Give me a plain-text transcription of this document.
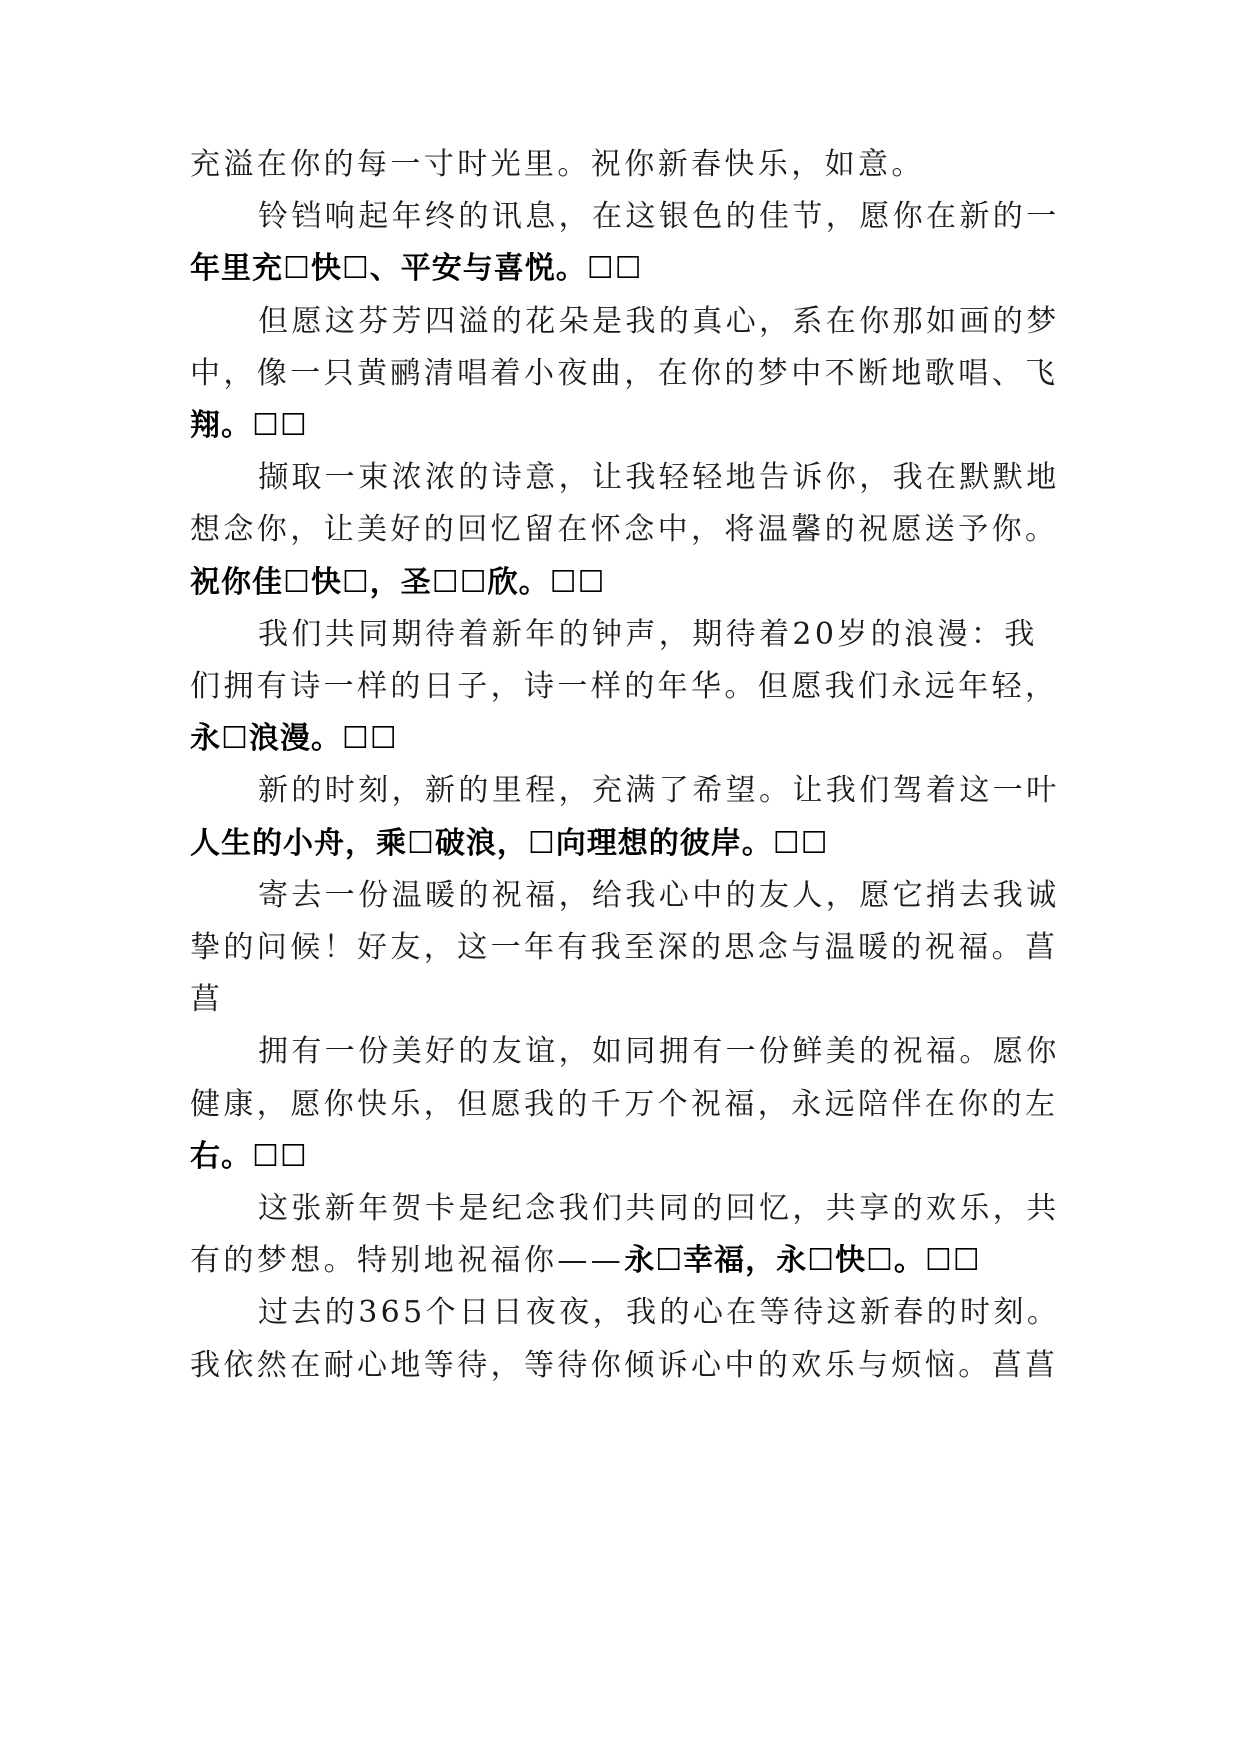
充溢在你的每一寸时光里。祝你新春快乐，如意。
铃铛响起年终的讯息，在这银色的佳节，愿你在新的一
年里充☐快☐、平安与喜悦。☐☐
但愿这芬芳四溢的花朵是我的真心，系在你那如画的梦
中，像一只黄鹂清唱着小夜曲，在你的梦中不断地歌唱、飞
翔。☐☐
撷取一束浓浓的诗意，让我轻轻地告诉你，我在默默地
想念你，让美好的回忆留在怀念中，将温馨的祝愿送予你。
祝你佳☐快☐，圣☐☐欣。☐☐
我们共同期待着新年的钟声，期待着20岁的浪漫：我
们拥有诗一样的日子，诗一样的年华。但愿我们永远年轻，
永☐浪漫。☐☐
新的时刻，新的里程，充满了希望。让我们驾着这一叶
人生的小舟，乘☐破浪，☐向理想的彼岸。☐☐
寄去一份温暖的祝福，给我心中的友人，愿它捎去我诚
挚的问候！好友，这一年有我至深的思念与温暖的祝福。菖
菖
拥有一份美好的友谊，如同拥有一份鲜美的祝福。愿你
健康，愿你快乐，但愿我的千万个祝福，永远陪伴在你的左
右。☐☐
这张新年贺卡是纪念我们共同的回忆，共享的欢乐，共
有的梦想。特别地祝福你——永☐幸福，永☐快☐。☐☐
过去的365个日日夜夜，我的心在等待这新春的时刻。
我依然在耐心地等待，等待你倾诉心中的欢乐与烦恼。菖菖
